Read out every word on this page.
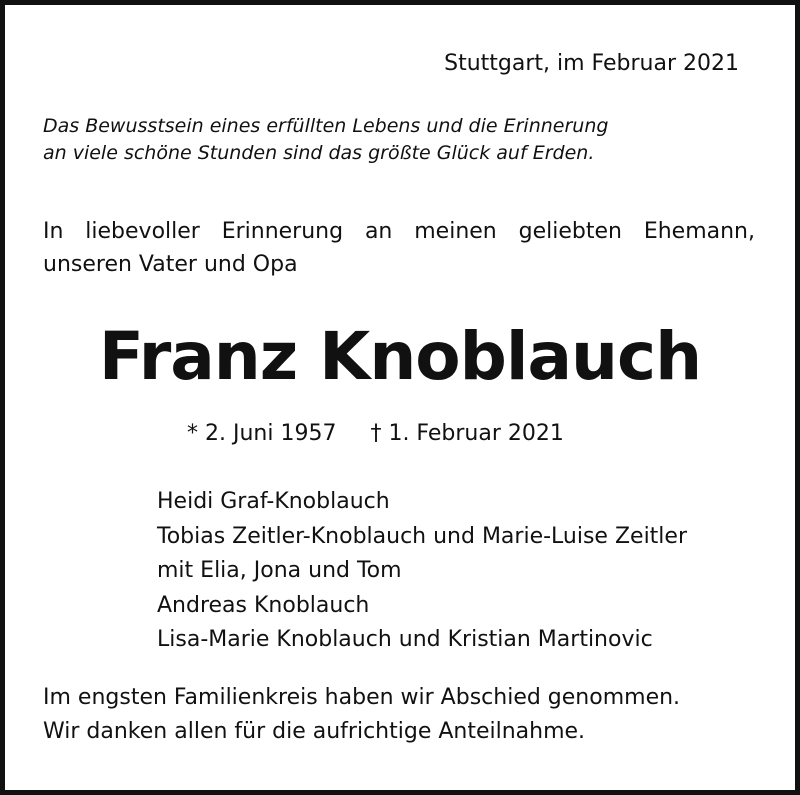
Stuttgart, im Februar 2021
Das Bewusstsein eines erfüllten Lebens und die Erinnerung
an viele schöne Stunden sind das größte Glück auf Erden.
In liebevoller Erinnerung an meinen geliebten Ehemann,
unseren Vater und Opa
Franz Knoblauch
* 2. Juni 1957 † 1. Februar 2021
Heidi Graf-Knoblauch
Tobias Zeitler-Knoblauch und Marie-Luise Zeitler
mit Elia, Jona und Tom
Andreas Knoblauch
Lisa-Marie Knoblauch und Kristian Martinovic
Im engsten Familienkreis haben wir Abschied genommen.
Wir danken allen für die aufrichtige Anteilnahme.
